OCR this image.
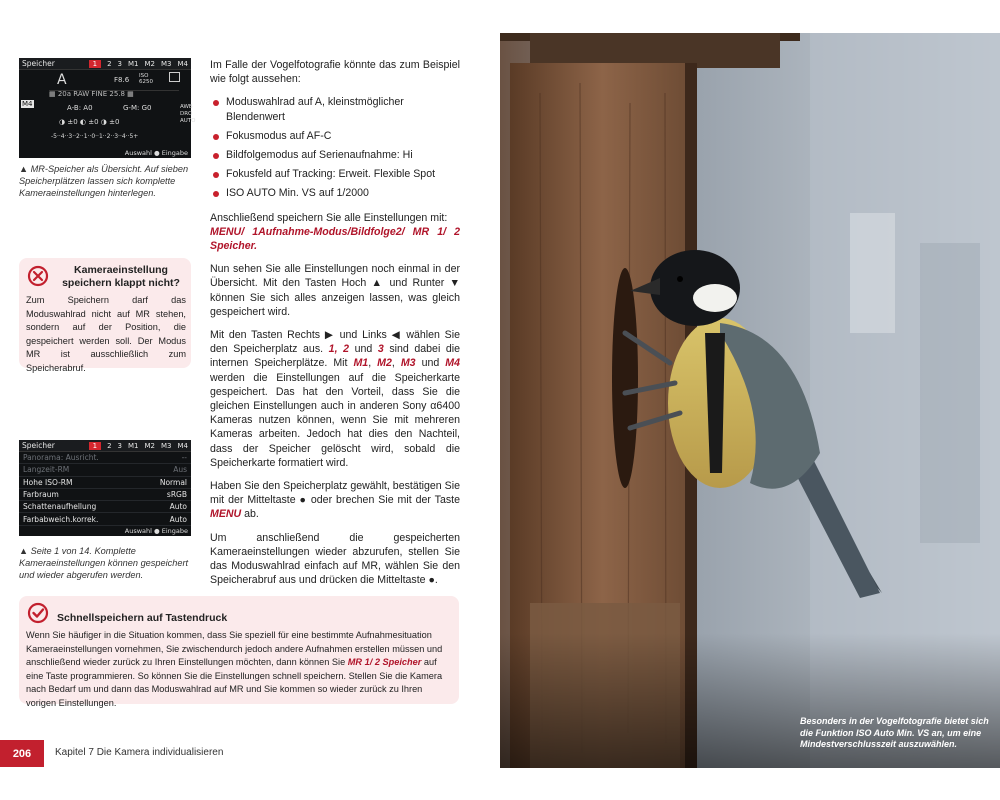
Speicher	1	2 3 M1 M2 M3 M4
A	F8.6 ISO 6250
▦ 20a RAW FINE 25.8 ▦
A-B: A0	G-M: G0
M4
◑ ±0 ◐ ±0 ◑ ±0
-5··4··3··2··1··0··1··2··3··4··5+
AWB
DRO
AUTO
Auswahl ● Eingabe
▲ MR-Speicher als Übersicht. Auf sieben Speicherplätzen lassen sich komplette Kameraeinstellungen hinterlegen.
Kameraeinstellung speichern klappt nicht?
Zum Speichern darf das Moduswahlrad nicht auf MR stehen, sondern auf der Position, die gespeichert werden soll. Der Modus MR ist ausschließlich zum Speicherabruf.
Speicher	1	2 3 M1 M2 M3 M4
Panorama: Ausricht.	--
Langzeit-RM	Aus
Hohe ISO-RM	Normal
Farbraum	sRGB
Schattenaufhellung	Auto
Farbabweich.korrek.	Auto
Auswahl ● Eingabe
▲ Seite 1 von 14. Komplette Kameraeinstellungen können gespeichert und wieder abgerufen werden.

Im Falle der Vogelfotografie könnte das zum Beispiel wie folgt aussehen:

Moduswahlrad auf A, kleinstmöglicher Blendenwert
Fokusmodus auf AF-C
Bildfolgemodus auf Serienaufnahme: Hi
Fokusfeld auf Tracking: Erweit. Flexible Spot
ISO AUTO Min. VS auf 1/2000

Anschließend speichern Sie alle Einstellungen mit:
MENU/ 1Aufnahme-Modus/Bildfolge2/ MR 1/ 2 Speicher.

Nun sehen Sie alle Einstellungen noch einmal in der Übersicht. Mit den Tasten Hoch ▲ und Runter ▼ können Sie sich alles anzeigen lassen, was gleich gespeichert wird.

Mit den Tasten Rechts ▶ und Links ◀ wählen Sie den Speicherplatz aus. 1, 2 und 3 sind dabei die internen Speicherplätze. Mit M1, M2, M3 und M4 werden die Einstellungen auf die Speicherkarte gespeichert. Das hat den Vorteil, dass Sie die gleichen Einstellungen auch in anderen Sony α6400 Kameras nutzen können, wenn Sie mit mehreren Kameras arbeiten. Jedoch hat dies den Nachteil, dass der Speicher gelöscht wird, sobald die Speicherkarte formatiert wird.

Haben Sie den Speicherplatz gewählt, bestätigen Sie mit der Mitteltaste ● oder brechen Sie mit der Taste MENU ab.

Um anschließend die gespeicherten Kameraeinstellungen wieder abzurufen, stellen Sie das Moduswahlrad einfach auf MR, wählen Sie den Speicherabruf aus und drücken die Mitteltaste ●.

Schnellspeichern auf Tastendruck
Wenn Sie häufiger in die Situation kommen, dass Sie speziell für eine bestimmte Aufnahmesituation Kameraeinstellungen vornehmen, Sie zwischendurch jedoch andere Aufnahmen erstellen müssen und anschließend wieder zurück zu Ihren Einstellungen möchten, dann können Sie MR 1/ 2 Speicher auf eine Taste programmieren. So können Sie die Einstellungen schnell speichern. Stellen Sie die Kamera nach Bedarf um und dann das Moduswahlrad auf MR und Sie kommen so wieder zurück zu Ihren vorigen Einstellungen.
206	Kapitel 7 Die Kamera individualisieren
Besonders in der Vogelfotografie bietet sich die Funktion ISO Auto Min. VS an, um eine Mindestverschlusszeit auszuwählen.
